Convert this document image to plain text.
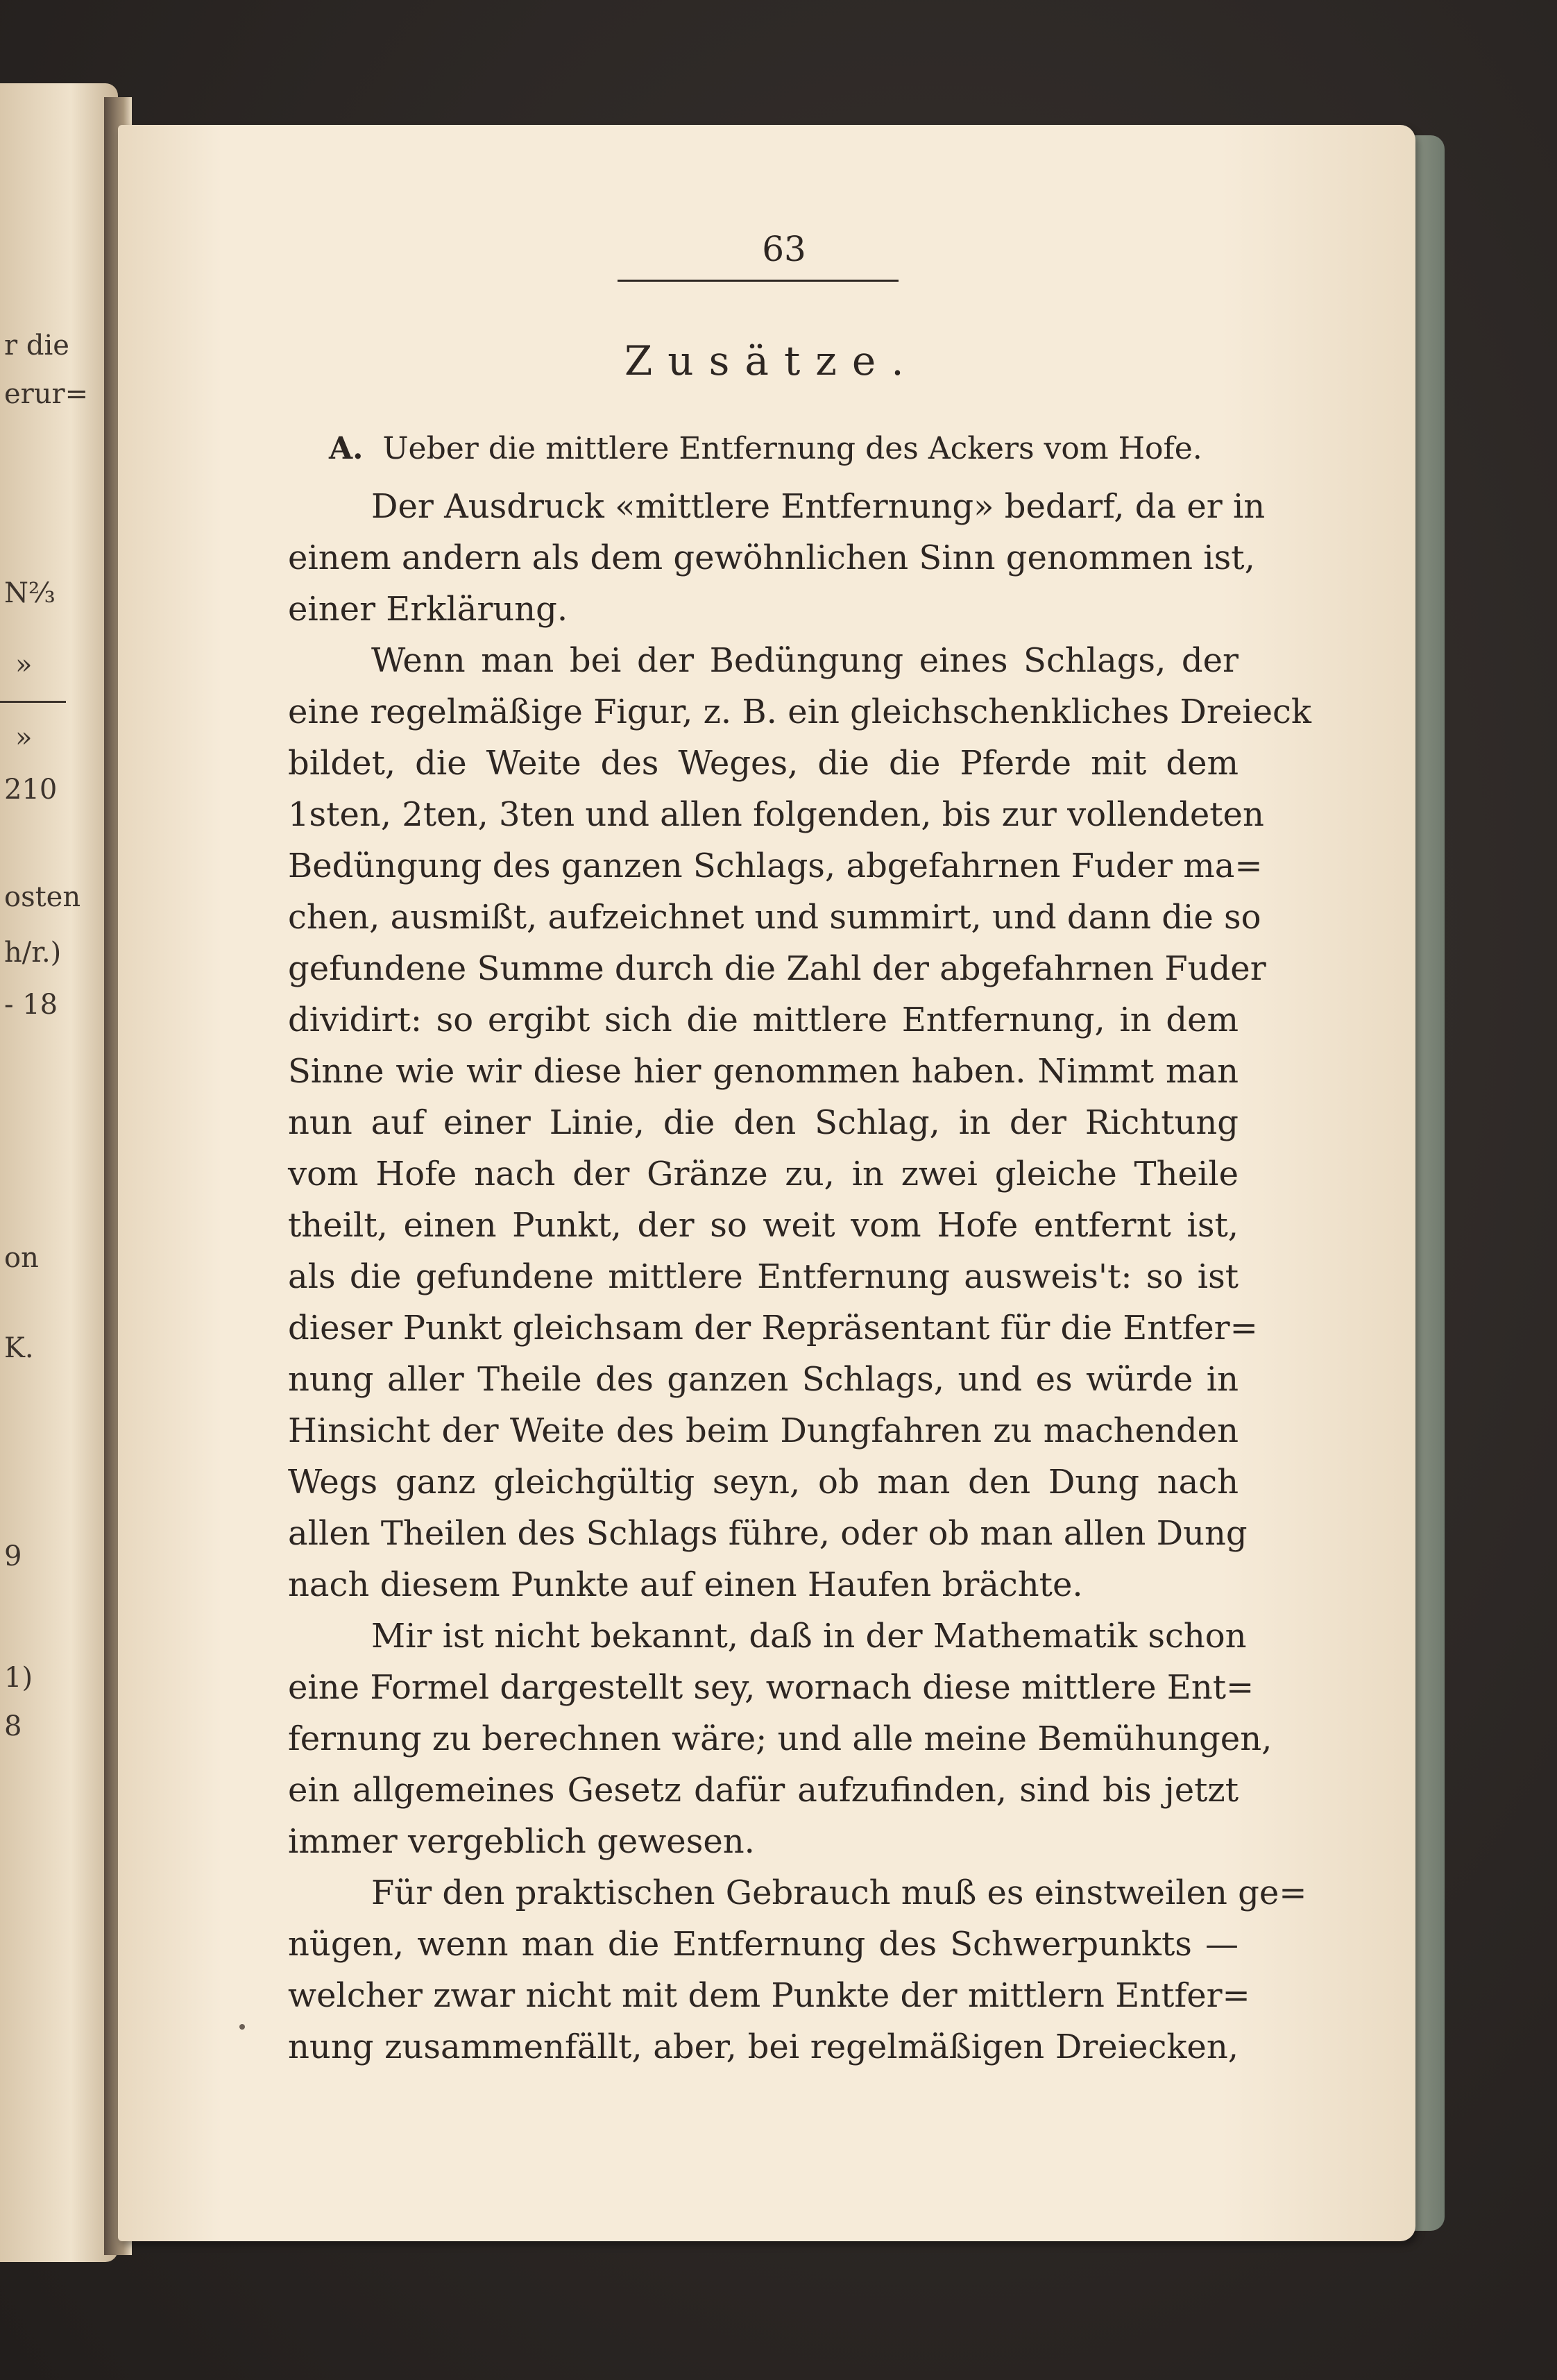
r die
erur=
N²⁄₃
»
»
210
osten
h/r.)
- 18
on
K.
9
1)
8
63
Zusätze.
A. Ueber die mittlere Entfernung des Ackers vom Hofe.
Der Ausdruck «mittlere Entfernung» bedarf, da er in
einem andern als dem gewöhnlichen Sinn genommen ist,
einer Erklärung.
Wenn man bei der Bedüngung eines Schlags, der
eine regelmäßige Figur, z. B. ein gleichschenkliches Dreieck
bildet, die Weite des Weges, die die Pferde mit dem
1sten, 2ten, 3ten und allen folgenden, bis zur vollendeten
Bedüngung des ganzen Schlags, abgefahrnen Fuder ma=
chen, ausmißt, aufzeichnet und summirt, und dann die so
gefundene Summe durch die Zahl der abgefahrnen Fuder
dividirt: so ergibt sich die mittlere Entfernung, in dem
Sinne wie wir diese hier genommen haben. Nimmt man
nun auf einer Linie, die den Schlag, in der Richtung
vom Hofe nach der Gränze zu, in zwei gleiche Theile
theilt, einen Punkt, der so weit vom Hofe entfernt ist,
als die gefundene mittlere Entfernung ausweis't: so ist
dieser Punkt gleichsam der Repräsentant für die Entfer=
nung aller Theile des ganzen Schlags, und es würde in
Hinsicht der Weite des beim Dungfahren zu machenden
Wegs ganz gleichgültig seyn, ob man den Dung nach
allen Theilen des Schlags führe, oder ob man allen Dung
nach diesem Punkte auf einen Haufen brächte.
Mir ist nicht bekannt, daß in der Mathematik schon
eine Formel dargestellt sey, wornach diese mittlere Ent=
fernung zu berechnen wäre; und alle meine Bemühungen,
ein allgemeines Gesetz dafür aufzufinden, sind bis jetzt
immer vergeblich gewesen.
Für den praktischen Gebrauch muß es einstweilen ge=
nügen, wenn man die Entfernung des Schwerpunkts —
welcher zwar nicht mit dem Punkte der mittlern Entfer=
nung zusammenfällt, aber, bei regelmäßigen Dreiecken,
